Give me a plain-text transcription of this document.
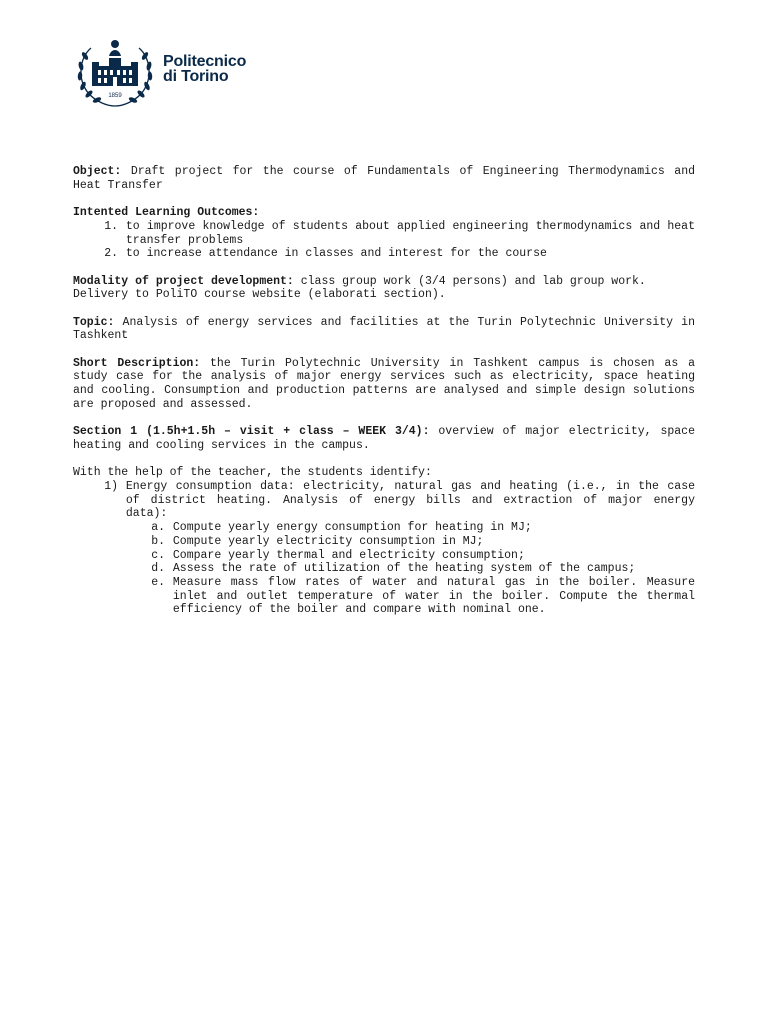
1859
Politecnico
di Torino

Object: Draft project for the course of Fundamentals of Engineering Thermodynamics and Heat Transfer

Intented Learning Outcomes:

1.
to improve knowledge of students about applied engineering thermodynamics and heat transfer problems
2.
to increase attendance in classes and interest for the course

Modality of project development: class group work (3/4 persons) and lab group work.

Delivery to PoliTO course website (elaborati section).

Topic: Analysis of energy services and facilities at the Turin Polytechnic University in Tashkent

Short Description: the Turin Polytechnic University in Tashkent campus is chosen as a study case for the analysis of major energy services such as electricity, space heating and cooling. Consumption and production patterns are analysed and simple design solutions are proposed and assessed.

Section 1 (1.5h+1.5h – visit + class – WEEK 3/4): overview of major electricity, space heating and cooling services in the campus.

With the help of the teacher, the students identify:

1)
Energy consumption data: electricity, natural gas and heating (i.e., in the case of district heating. Analysis of energy bills and extraction of major energy data):
a.
Compute yearly energy consumption for heating in MJ;
b.
Compute yearly electricity consumption in MJ;
c.
Compare yearly thermal and electricity consumption;
d.
Assess the rate of utilization of the heating system of the campus;
e.
Measure mass flow rates of water and natural gas in the boiler. Measure inlet and outlet temperature of water in the boiler. Compute the thermal efficiency of the boiler and compare with nominal one.
